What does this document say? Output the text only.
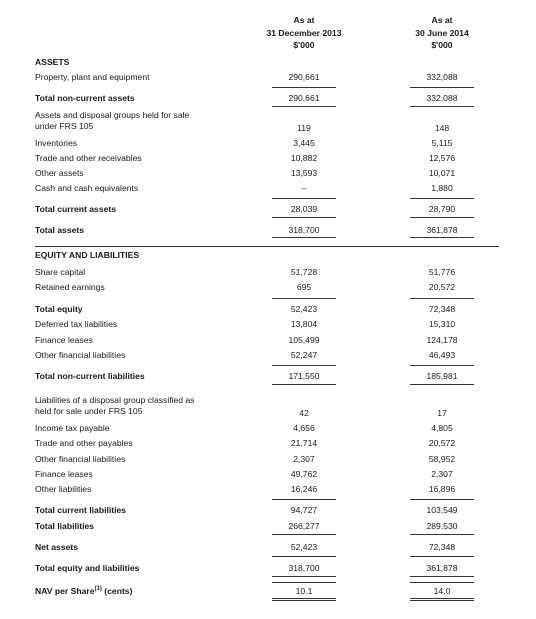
As at
31 December 2013
$'000
As at
30 June 2014
$'000
ASSETS
Property, plant and equipment	290,661	332,088
Total non-current assets	290,661	332,088
Assets and disposal groups held for sale
under FRS 105	119	148
Inventories	3,445	5,115
Trade and other receivables	10,882	12,576
Other assets	13,593	10,071
Cash and cash equivalents	–	1,880
Total current assets	28,039	28,790
Total assets	318,700	361,878
EQUITY AND LIABILITIES
Share capital	51,728	51,776
Retained earnings	695	20,572
Total equity	52,423	72,348
Deferred tax liabilities	13,804	15,310
Finance leases	105,499	124,178
Other financial liabilities	52,247	46,493
Total non-current liabilities	171,550	185,981
Liabilities of a disposal group classified as
held for sale under FRS 105	42	17
Income tax payable	4,656	4,805
Trade and other payables	21,714	20,572
Other financial liabilities	2,307	58,952
Finance leases	49,762	2,307
Other liabilities	16,246	16,896
Total current liabilities	94,727	103,549
Total liabilities	266,277	289,530
Net assets	52,423	72,348
Total equity and liabilities	318,700	361,878
NAV per Share$^{(1)}$ (cents)	10.1	14.0
